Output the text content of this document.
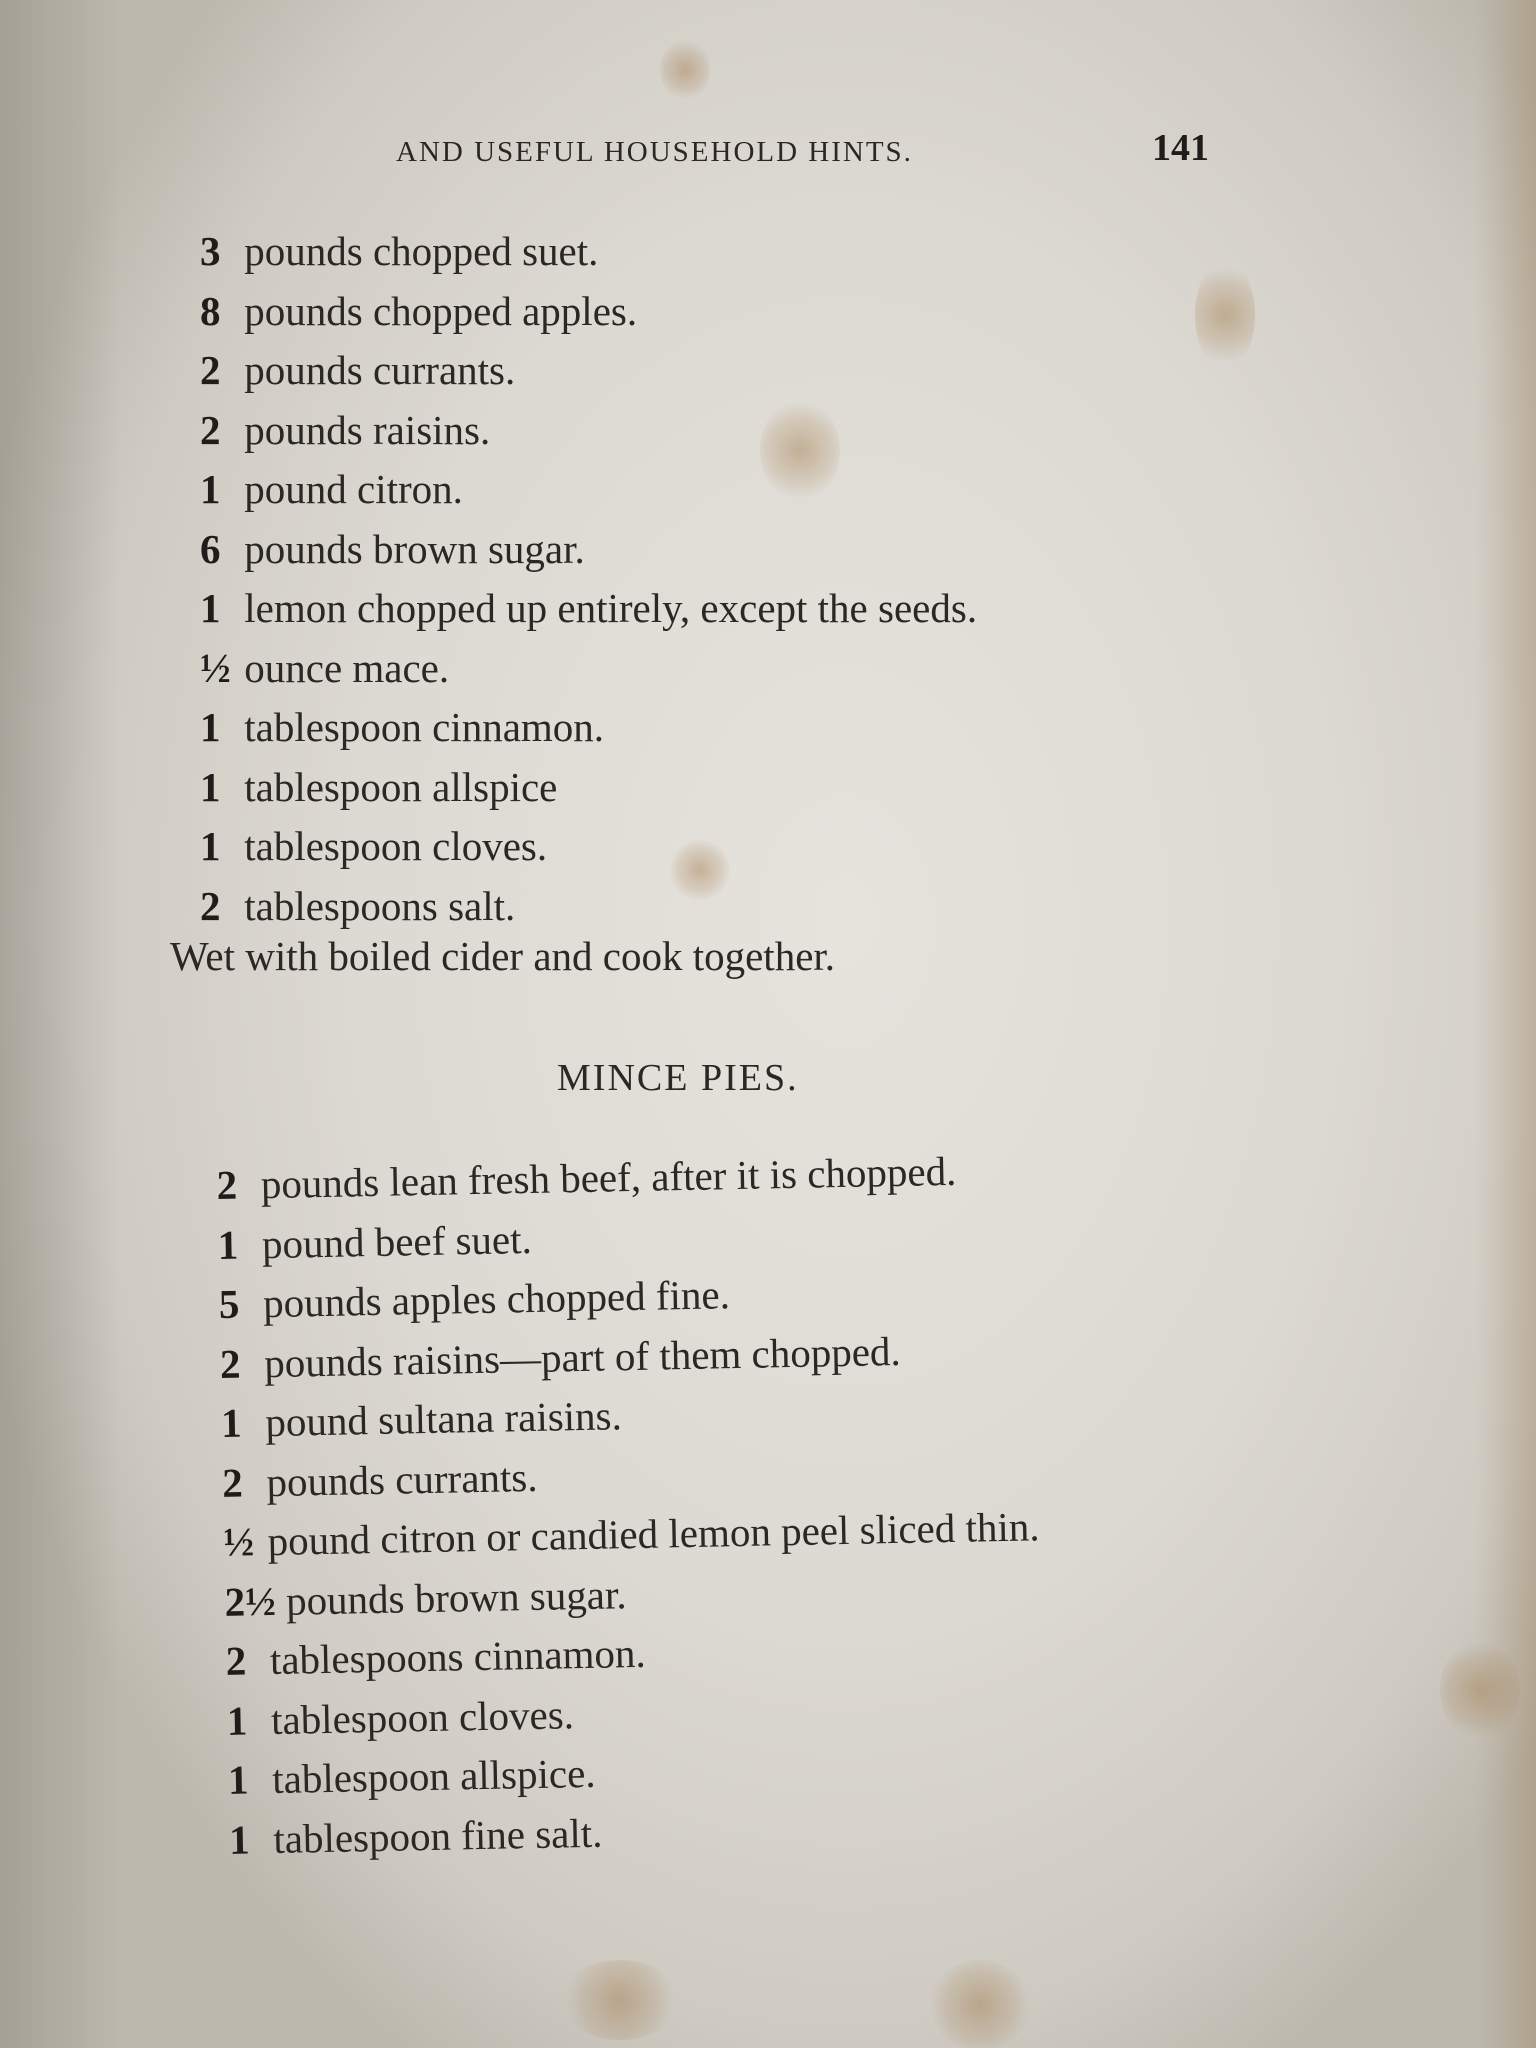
AND USEFUL HOUSEHOLD HINTS.	141
3 pounds chopped suet.
8 pounds chopped apples.
2 pounds currants.
2 pounds raisins.
1 pound citron.
6 pounds brown sugar.
1 lemon chopped up entirely, except the seeds.
½ ounce mace.
1 tablespoon cinnamon.
1 tablespoon allspice
1 tablespoon cloves.
2 tablespoons salt.
Wet with boiled cider and cook together.
MINCE PIES.
2 pounds lean fresh beef, after it is chopped.
1 pound beef suet.
5 pounds apples chopped fine.
2 pounds raisins—part of them chopped.
1 pound sultana raisins.
2 pounds currants.
½ pound citron or candied lemon peel sliced thin.
2½ pounds brown sugar.
2 tablespoons cinnamon.
1 tablespoon cloves.
1 tablespoon allspice.
1 tablespoon fine salt.
